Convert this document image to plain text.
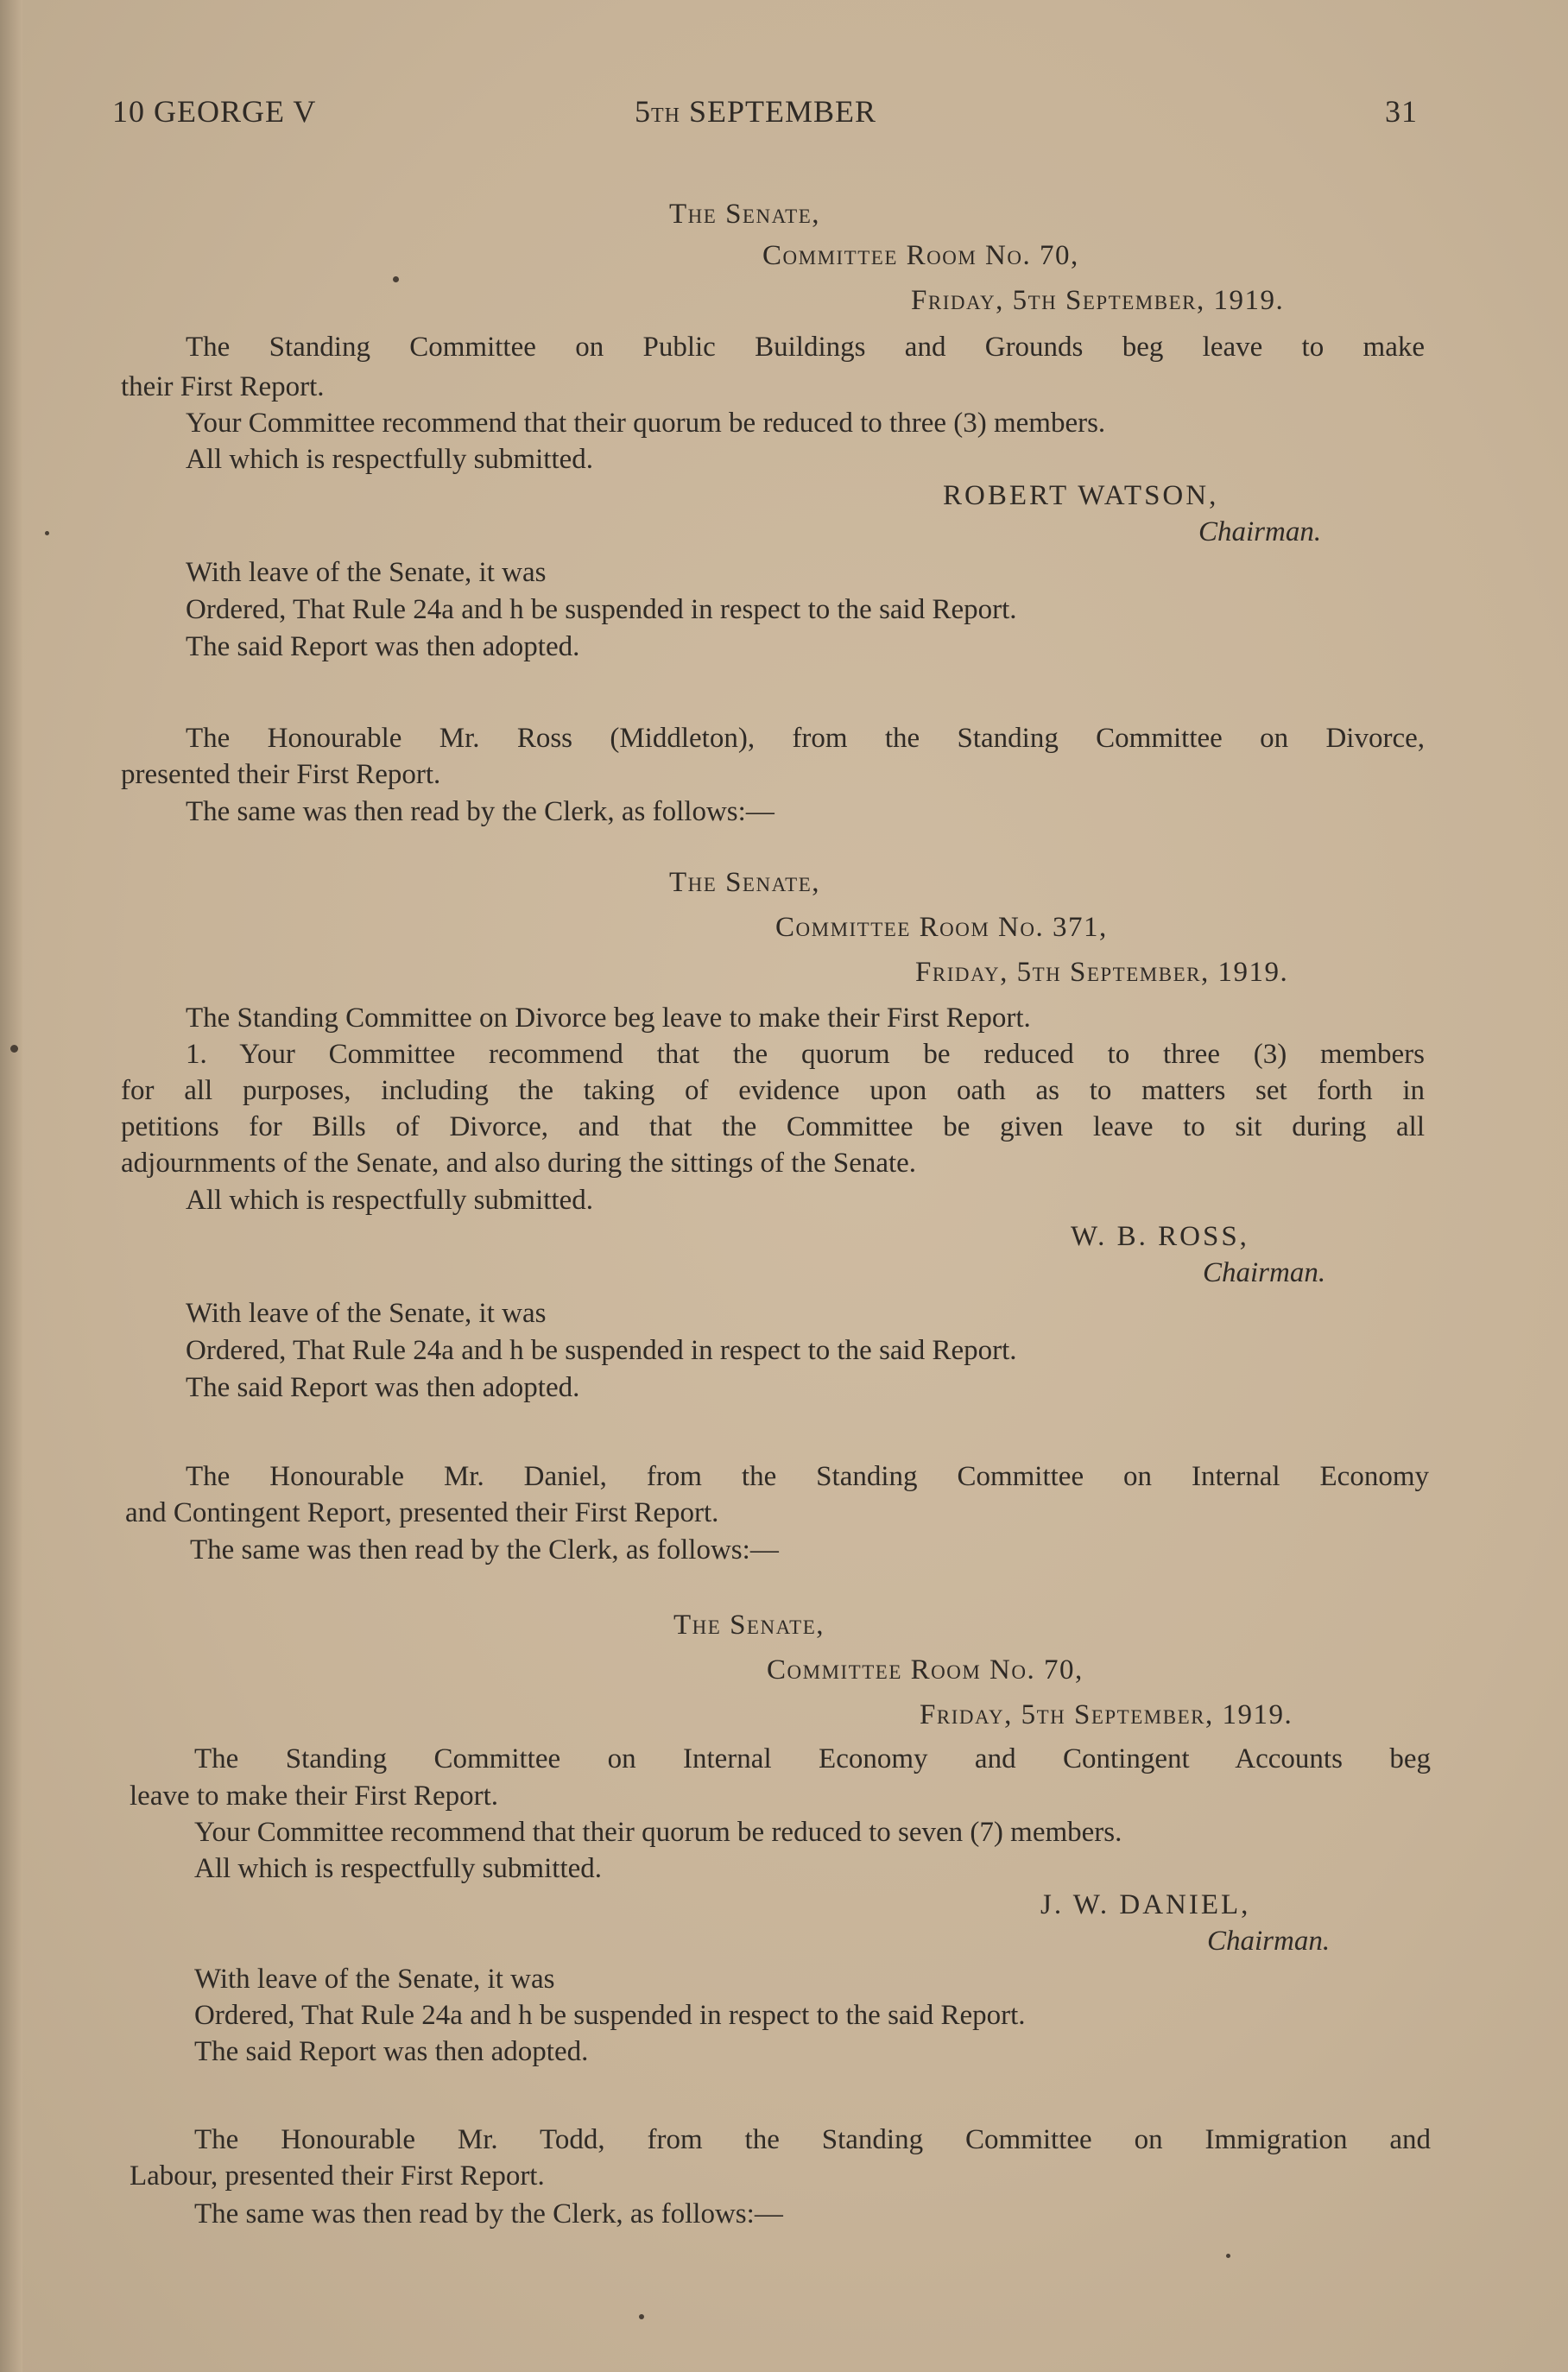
10 GEORGE V	5TH SEPTEMBER	31
The Senate,
Committee Room No. 70,
Friday, 5th September, 1919.
The Standing Committee on Public Buildings and Grounds beg leave to make
their First Report.
Your Committee recommend that their quorum be reduced to three (3) members.
All which is respectfully submitted.
ROBERT WATSON,
Chairman.
With leave of the Senate, it was
Ordered, That Rule 24a and h be suspended in respect to the said Report.
The said Report was then adopted.
The Honourable Mr. Ross (Middleton), from the Standing Committee on Divorce,
presented their First Report.
The same was then read by the Clerk, as follows:—
The Senate,
Committee Room No. 371,
Friday, 5th September, 1919.
The Standing Committee on Divorce beg leave to make their First Report.
1. Your Committee recommend that the quorum be reduced to three (3) members
for all purposes, including the taking of evidence upon oath as to matters set forth in
petitions for Bills of Divorce, and that the Committee be given leave to sit during all
adjournments of the Senate, and also during the sittings of the Senate.
All which is respectfully submitted.
W. B. ROSS,
Chairman.
With leave of the Senate, it was
Ordered, That Rule 24a and h be suspended in respect to the said Report.
The said Report was then adopted.
The Honourable Mr. Daniel, from the Standing Committee on Internal Economy
and Contingent Report, presented their First Report.
The same was then read by the Clerk, as follows:—
The Senate,
Committee Room No. 70,
Friday, 5th September, 1919.
The Standing Committee on Internal Economy and Contingent Accounts beg
leave to make their First Report.
Your Committee recommend that their quorum be reduced to seven (7) members.
All which is respectfully submitted.
J. W. DANIEL,
Chairman.
With leave of the Senate, it was
Ordered, That Rule 24a and h be suspended in respect to the said Report.
The said Report was then adopted.
The Honourable Mr. Todd, from the Standing Committee on Immigration and
Labour, presented their First Report.
The same was then read by the Clerk, as follows:—
